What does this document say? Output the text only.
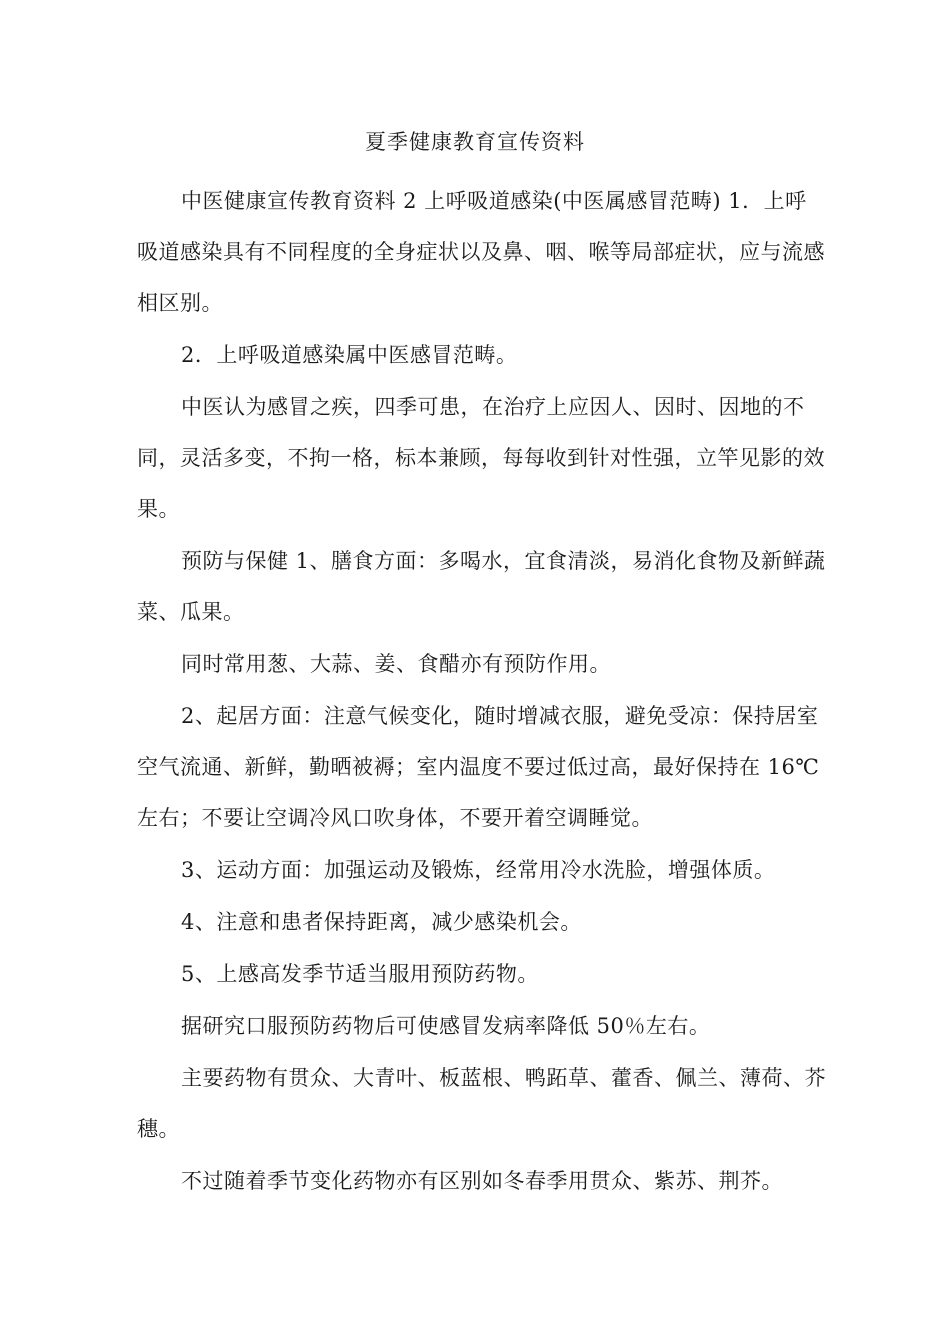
夏季健康教育宣传资料

中医健康宣传教育资料 2 上呼吸道感染(中医属感冒范畴) 1．上呼吸道感染具有不同程度的全身症状以及鼻、咽、喉等局部症状，应与流感相区别。

2．上呼吸道感染属中医感冒范畴。

中医认为感冒之疾，四季可患，在治疗上应因人、因时、因地的不同，灵活多变，不拘一格，标本兼顾，每每收到针对性强，立竿见影的效果。

预防与保健 1、膳食方面：多喝水，宜食清淡，易消化食物及新鲜蔬菜、瓜果。

同时常用葱、大蒜、姜、食醋亦有预防作用。

2、起居方面：注意气候变化，随时增减衣服，避免受凉：保持居室空气流通、新鲜，勤晒被褥；室内温度不要过低过高，最好保持在 16℃左右；不要让空调冷风口吹身体，不要开着空调睡觉。

3、运动方面：加强运动及锻炼，经常用冷水洗脸，增强体质。

4、注意和患者保持距离，减少感染机会。

5、上感高发季节适当服用预防药物。

据研究口服预防药物后可使感冒发病率降低 50％左右。

主要药物有贯众、大青叶、板蓝根、鸭跖草、藿香、佩兰、薄荷、芥穗。

不过随着季节变化药物亦有区别如冬春季用贯众、紫苏、荆芥。
